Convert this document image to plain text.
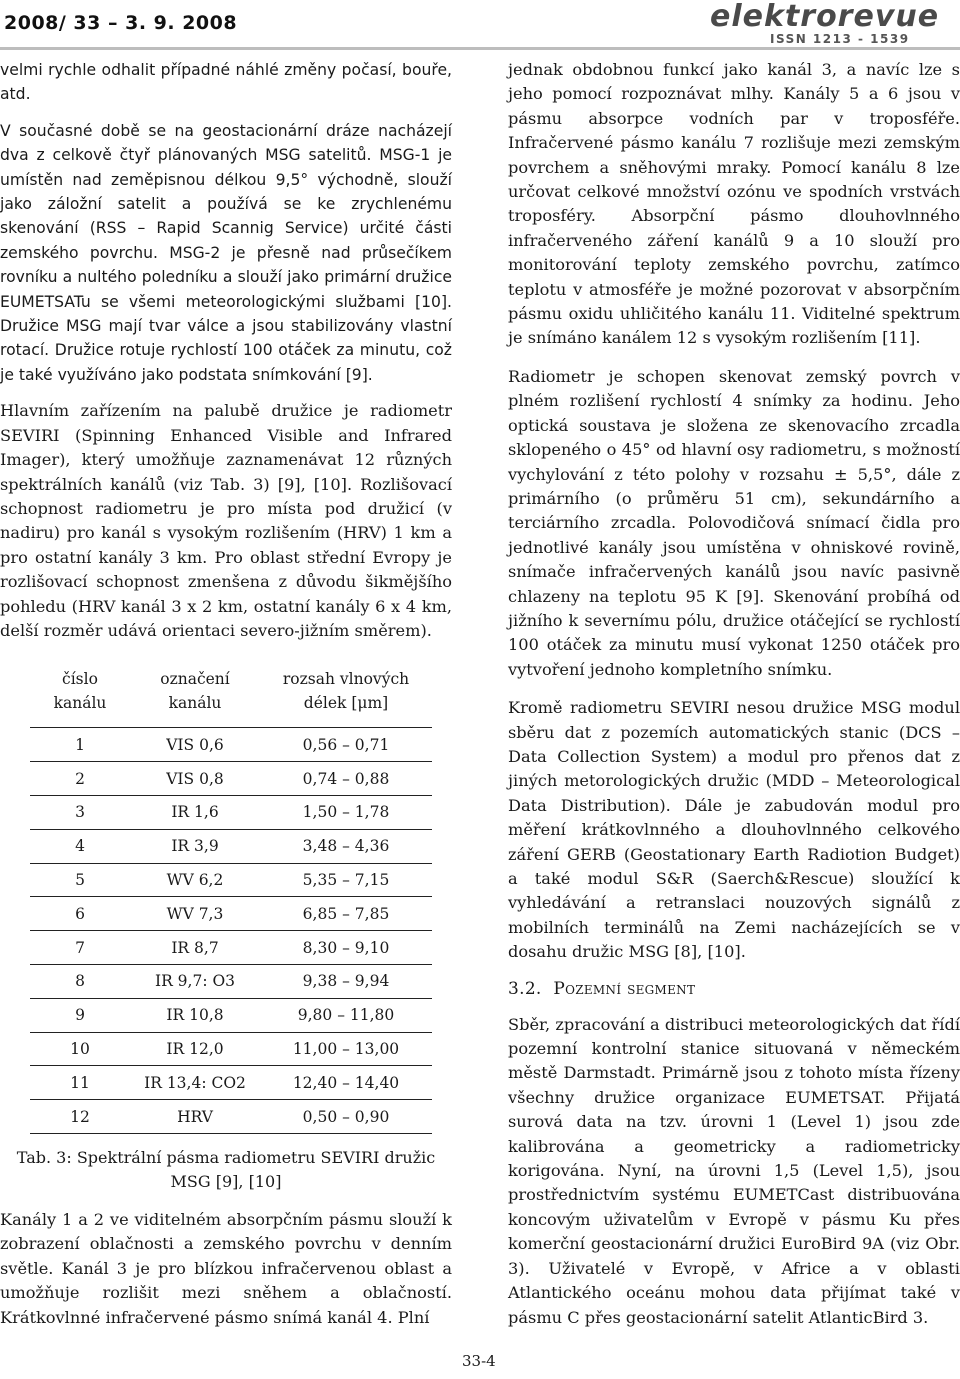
2008/ 33 – 3. 9. 2008	elektrorevue
ISSN 1213 - 1539

velmi rychle odhalit případné náhlé změny počasí, bouře, atd.

V současné době se na geostacionární dráze nacházejí dva z celkově čtyř plánovaných MSG satelitů. MSG-1 je umístěn nad zeměpisnou délkou 9,5° východně, slouží jako záložní satelit a používá se ke zrychlenému skenování (RSS – Rapid Scannig Service) určité části zemského povrchu. MSG-2 je přesně nad průsečíkem rovníku a nultého poledníku a slouží jako primární družice EUMETSATu se všemi meteorologickými službami [10]. Družice MSG mají tvar válce a jsou stabilizovány vlastní rotací. Družice rotuje rychlostí 100 otáček za minutu, což je také využíváno jako podstata snímkování [9].

Hlavním zařízením na palubě družice je radiometr SEVIRI (Spinning Enhanced Visible and Infrared Imager), který umožňuje zaznamenávat 12 různých spektrálních kanálů (viz Tab. 3) [9], [10]. Rozlišovací schopnost radiometru je pro místa pod družicí (v nadiru) pro kanál s vysokým rozlišením (HRV) 1 km a pro ostatní kanály 3 km. Pro oblast střední Evropy je rozlišovací schopnost zmenšena z důvodu šikmějšího pohledu (HRV kanál 3 x 2 km, ostatní kanály 6 x 4 km, delší rozměr udává orientaci severo-jižním směrem).

číslo kanálu	označení kanálu	rozsah vlnových délek [μm]
1	VIS 0,6	0,56 – 0,71
2	VIS 0,8	0,74 – 0,88
3	IR 1,6	1,50 – 1,78
4	IR 3,9	3,48 – 4,36
5	WV 6,2	5,35 – 7,15
6	WV 7,3	6,85 – 7,85
7	IR 8,7	8,30 – 9,10
8	IR 9,7: O3	9,38 – 9,94
9	IR 10,8	9,80 – 11,80
10	IR 12,0	11,00 – 13,00
11	IR 13,4: CO2	12,40 – 14,40
12	HRV	0,50 – 0,90
Tab. 3: Spektrální pásma radiometru SEVIRI družic
MSG [9], [10]

Kanály 1 a 2 ve viditelném absorpčním pásmu slouží k zobrazení oblačnosti a zemského povrchu v denním světle. Kanál 3 je pro blízkou infračervenou oblast a umožňuje rozlišit mezi sněhem a oblačností. Krátkovlnné infračervené pásmo snímá kanál 4. Plní

jednak obdobnou funkcí jako kanál 3, a navíc lze s jeho pomocí rozpoznávat mlhy. Kanály 5 a 6 jsou v pásmu absorpce vodních par v troposféře. Infračervené pásmo kanálu 7 rozlišuje mezi zemským povrchem a sněhovými mraky. Pomocí kanálu 8 lze určovat celkové množství ozónu ve spodních vrstvách troposféry. Absorpční pásmo dlouhovlnného infračerveného záření kanálů 9 a 10 slouží pro monitorování teploty zemského povrchu, zatímco teplotu v atmosféře je možné pozorovat v absorpčním pásmu oxidu uhličitého kanálu 11. Viditelné spektrum je snímáno kanálem 12 s vysokým rozlišením [11].

Radiometr je schopen skenovat zemský povrch v plném rozlišení rychlostí 4 snímky za hodinu. Jeho optická soustava je složena ze skenovacího zrcadla sklopeného o 45° od hlavní osy radiometru, s možností vychylování z této polohy v rozsahu ± 5,5°, dále z primárního (o průměru 51 cm), sekundárního a terciárního zrcadla. Polovodičová snímací čidla pro jednotlivé kanály jsou umístěna v ohniskové rovině, snímače infračervených kanálů jsou navíc pasivně chlazeny na teplotu 95 K [9]. Skenování probíhá od jižního k severnímu pólu, družice otáčející se rychlostí 100 otáček za minutu musí vykonat 1250 otáček pro vytvoření jednoho kompletního snímku.

Kromě radiometru SEVIRI nesou družice MSG modul sběru dat z pozemích automatických stanic (DCS – Data Collection System) a modul pro přenos dat z jiných metorologických družic (MDD – Meteorological Data Distribution). Dále je zabudován modul pro měření krátkovlnného a dlouhovlnného celkového záření GERB (Geostationary Earth Radiotion Budget) a také modul S&R (Saerch&Rescue) sloužící k vyhledávání a retranslaci nouzových signálů z mobilních terminálů na Zemi nacházejících se v dosahu družic MSG [8], [10].

3.2. Pozemní segment

Sběr, zpracování a distribuci meteorologických dat řídí pozemní kontrolní stanice situovaná v německém městě Darmstadt. Primárně jsou z tohoto místa řízeny všechny družice organizace EUMETSAT. Přijatá surová data na tzv. úrovni 1 (Level 1) jsou zde kalibrována a geometricky a radiometricky korigována. Nyní, na úrovni 1,5 (Level 1,5), jsou prostřednictvím systému EUMETCast distribuována koncovým uživatelům v Evropě v pásmu Ku přes komerční geostacionární družici EuroBird 9A (viz Obr. 3). Uživatelé v Evropě, v Africe a v oblasti Atlantického oceánu mohou data přijímat také v pásmu C přes geostacionární satelit AtlanticBird 3.

33-4
